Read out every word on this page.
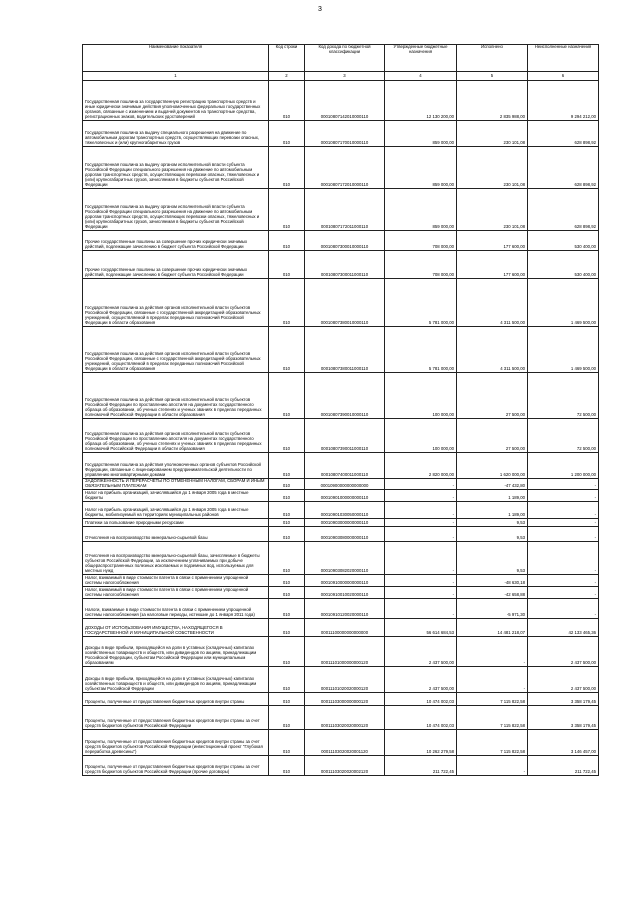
3
Наименование показателя	Код строки	Код дохода по бюджетной классификации	Утвержденные бюджетные назначения	Исполнено	Неисполненные назначения
1	2	3	4	5	6
Государственная пошлина за государственную регистрацию транспортных средств и иные юридически значимые действия уполномоченных федеральных государственных органов, связанные с изменением и выдачей документов на транспортные средства, регистрационных знаков, водительских удостоверений	010	00010807142010000110	12 130 200,00	2 835 988,00	9 294 212,00
Государственная пошлина за выдачу специального разрешения на движение по автомобильным дорогам транспортных средств, осуществляющих перевозки опасных, тяжеловесных и (или) крупногабаритных грузов	010	00010807170010000110	859 000,00	230 101,08	628 898,92
Государственная пошлина за выдачу органом исполнительной власти субъекта Российской Федерации специального разрешения на движение по автомобильным дорогам транспортных средств, осуществляющих перевозки опасных, тяжеловесных и (или) крупногабаритных грузов, зачисляемая в бюджеты субъектов Российской Федерации	010	00010807172010000110	859 000,00	230 101,08	628 898,92
Государственная пошлина за выдачу органом исполнительной власти субъекта Российской Федерации специального разрешения на движение по автомобильным дорогам транспортных средств, осуществляющих перевозки опасных, тяжеловесных и (или) крупногабаритных грузов, зачисляемая в бюджеты субъектов Российской Федерации	010	00010807172011000110	859 000,00	230 101,08	628 898,92
Прочие государственные пошлины за совершение прочих юридически значимых действий, подлежащие зачислению в бюджет субъекта Российской Федерации	010	00010807300010000110	708 000,00	177 600,00	530 400,00
Прочие государственные пошлины за совершение прочих юридически значимых действий, подлежащие зачислению в бюджет субъекта Российской Федерации	010	00010807300011000110	708 000,00	177 600,00	530 400,00
Государственная пошлина за действия органов исполнительной власти субъектов Российской Федерации, связанные с государственной аккредитацией образовательных учреждений, осуществляемой в пределах переданных полномочий Российской Федерации в области образования	010	00010807380010000110	5 781 000,00	4 311 500,00	1 469 500,00
Государственная пошлина за действия органов исполнительной власти субъектов Российской Федерации, связанные с государственной аккредитацией образовательных учреждений, осуществляемой в пределах переданных полномочий Российской Федерации в области образования	010	00010807380011000110	5 781 000,00	4 311 500,00	1 469 500,00
Государственная пошлина за действия органов исполнительной власти субъектов Российской Федерации по проставлению апостиля на документах государственного образца об образовании, об ученых степенях и ученых званиях в пределах переданных полномочий Российской Федерации в области образования	010	00010807390010000110	100 000,00	27 500,00	72 500,00
Государственная пошлина за действия органов исполнительной власти субъектов Российской Федерации по проставлению апостиля на документах государственного образца об образовании, об ученых степенях и ученых званиях в пределах переданных полномочий Российской Федерации в области образования	010	00010807390011000110	100 000,00	27 500,00	72 500,00
Государственная пошлина за действия уполномоченных органов субъектов Российской Федерации, связанные с лицензированием предпринимательской деятельности по управлению многоквартирными домами	010	00010807400011000110	2 820 000,00	1 620 000,00	1 200 000,00
ЗАДОЛЖЕННОСТЬ И ПЕРЕРАСЧЕТЫ ПО ОТМЕНЕННЫМ НАЛОГАМ, СБОРАМ И ИНЫМ ОБЯЗАТЕЛЬНЫМ ПЛАТЕЖАМ	010	00010900000000000000	-	-47 432,80	-
Налог на прибыль организаций, зачислявшийся до 1 января 2005 года в местные бюджеты	010	00010901000000000110	-	1 189,00	-
Налог на прибыль организаций, зачислявшийся до 1 января 2005 года в местные бюджеты, мобилизуемый на территориях муниципальных районов	010	00010901030050000110	-	1 189,00	-
Платежи за пользование природными ресурсами	010	00010903000000000110	-	9,53	-
Отчисления на воспроизводство минерально-сырьевой базы	010	00010903080000000110	-	9,53	-
Отчисления на воспроизводство минерально-сырьевой базы, зачисляемые в бюджеты субъектов Российской Федерации, за исключением уплачиваемых при добыче общераспространенных полезных ископаемых и подземных вод, используемых для местных нужд	010	00010903082020000110	-	9,53	-
Налог, взимаемый в виде стоимости патента в связи с применением упрощенной системы налогообложения	010	00010910000000000110	-	-48 630,18	-
Налог, взимаемый в виде стоимости патента в связи с применением упрощенной системы налогообложения	010	00010910010020000110	-	-42 658,88	-
Налоги, взимаемые в виде стоимости патента в связи с применением упрощенной системы налогообложения (за налоговые периоды, истекшие до 1 января 2011 года)	010	00010910120020000110	-	-5 971,30	-
ДОХОДЫ ОТ ИСПОЛЬЗОВАНИЯ ИМУЩЕСТВА, НАХОДЯЩЕГОСЯ В ГОСУДАРСТВЕННОЙ И МУНИЦИПАЛЬНОЙ СОБСТВЕННОСТИ	010	00011100000000000000	56 614 684,53	14 481 218,07	42 133 465,36
Доходы в виде прибыли, приходящейся на доли в уставных (складочных) капиталах хозяйственных товариществ и обществ, или дивидендов по акциям, принадлежащим Российской Федерации, субъектам Российской Федерации или муниципальным образованиям	010	00011101000000000120	2 437 500,00	-	2 437 500,00
Доходы в виде прибыли, приходящейся на доли в уставных (складочных) капиталах хозяйственных товариществ и обществ, или дивидендов по акциям, принадлежащим субъектам Российской Федерации	010	00011101020020000120	2 437 500,00	-	2 437 500,00
Проценты, полученные от предоставления бюджетных кредитов внутри страны	010	00011103000000000120	10 474 002,03	7 115 822,58	3 358 179,45
Проценты, полученные от предоставления бюджетных кредитов внутри страны за счет средств бюджетов субъектов Российской Федерации	010	00011103020020000120	10 474 002,03	7 115 822,58	3 358 179,45
Проценты, полученные от предоставления бюджетных кредитов внутри страны за счет средств бюджетов субъектов Российской Федерации (инвестиционный проект "Глубокая переработка древесины")	010	00011103020020001120	10 262 279,58	7 115 822,58	3 146 457,00
Проценты, полученные от предоставления бюджетных кредитов внутри страны за счет средств бюджетов субъектов Российской Федерации (прочие договоры)	010	00011103020020002120	211 722,45	-	211 722,45
